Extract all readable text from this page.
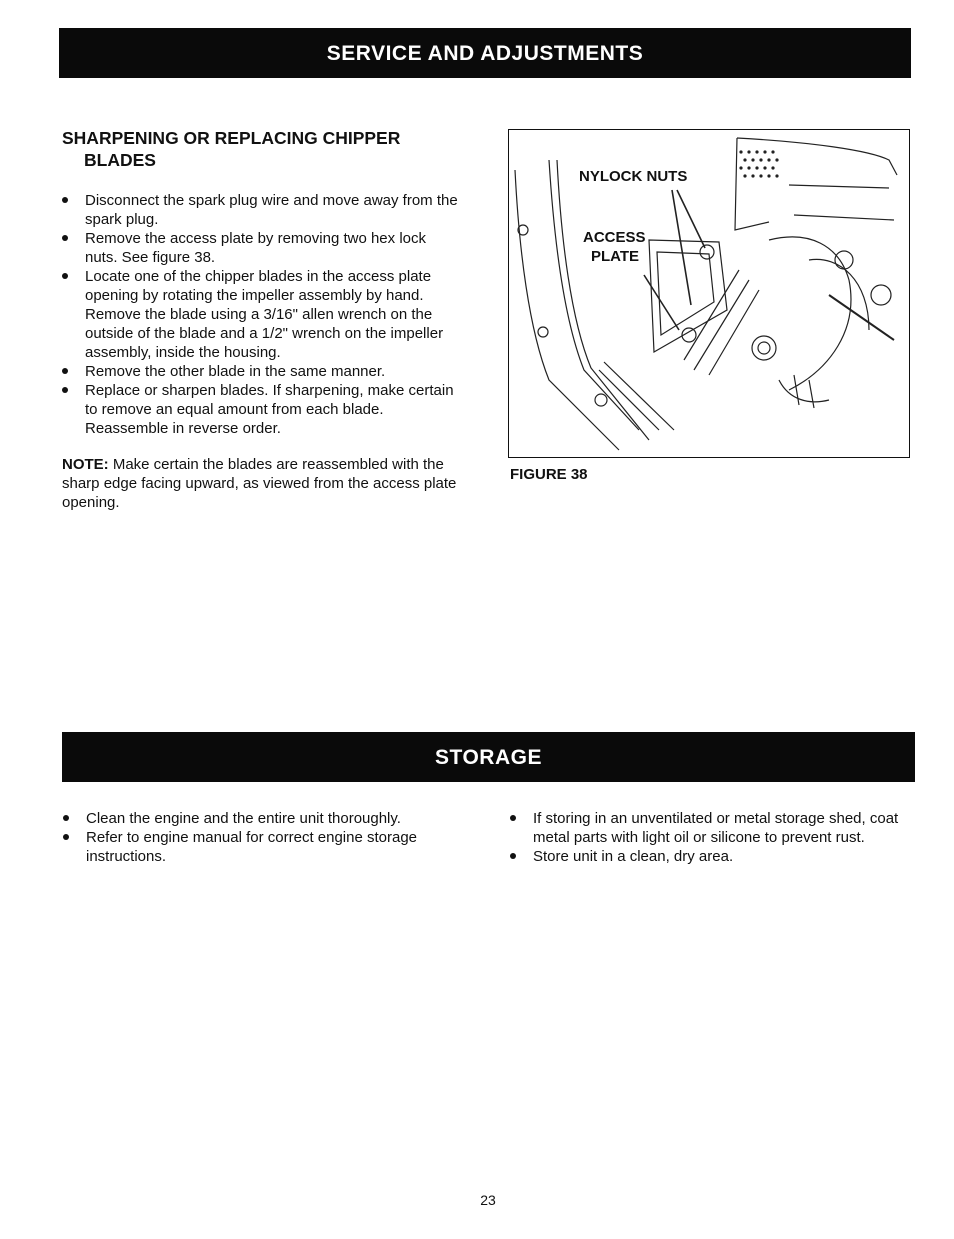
SERVICE AND ADJUSTMENTS
SHARPENING OR REPLACING CHIPPER
BLADES
Disconnect the spark plug wire and move away from the spark plug.
Remove the access plate by removing two hex lock nuts. See figure 38.
Locate one of the chipper blades in the access plate opening by rotating the impeller assembly by hand. Remove the blade using a 3/16" allen wrench on the outside of the blade and a 1/2" wrench on the impeller assembly, inside the housing.
Remove the other blade in the same manner.
Replace or sharpen blades. If sharpening, make certain to remove an equal amount from each blade. Reassemble in reverse order.
NOTE: Make certain the blades are reassembled with the sharp edge facing upward, as viewed from the access plate opening.
NYLOCK NUTS
ACCESS
PLATE
FIGURE 38
STORAGE
Clean the engine and the entire unit thoroughly.
Refer to engine manual for correct engine storage instructions.
If storing in an unventilated or metal storage shed, coat metal parts with light oil or silicone to prevent rust.
Store unit in a clean, dry area.
23
